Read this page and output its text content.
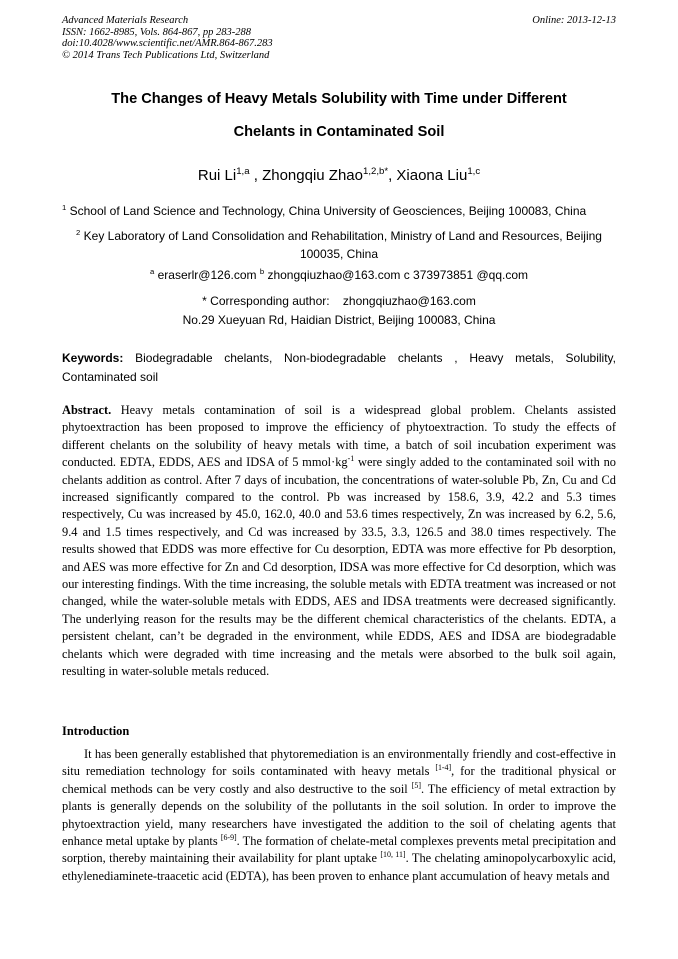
Advanced Materials Research
ISSN: 1662-8985, Vols. 864-867, pp 283-288
doi:10.4028/www.scientific.net/AMR.864-867.283
© 2014 Trans Tech Publications Ltd, Switzerland
Online: 2013-12-13
The Changes of Heavy Metals Solubility with Time under Different
Chelants in Contaminated Soil
Rui Li$^{1,a}$ , Zhongqiu Zhao$^{1,2,b*}$, Xiaona Liu$^{1,c}$
$^1$ School of Land Science and Technology, China University of Geosciences, Beijing 100083, China
$^2$ Key Laboratory of Land Consolidation and Rehabilitation, Ministry of Land and Resources, Beijing 100035, China
$^a$ eraserlr@126.com $^b$ zhongqiuzhao@163.com c 373973851 @qq.com
* Corresponding author:    zhongqiuzhao@163.com
No.29 Xueyuan Rd, Haidian District, Beijing 100083, China
Keywords: Biodegradable chelants, Non-biodegradable chelants , Heavy metals, Solubility, Contaminated soil
Abstract. Heavy metals contamination of soil is a widespread global problem. Chelants assisted phytoextraction has been proposed to improve the efficiency of phytoextraction. To study the effects of different chelants on the solubility of heavy metals with time, a batch of soil incubation experiment was conducted. EDTA, EDDS, AES and IDSA of 5 $mmol\cdot kg^{-1}$ were singly added to the contaminated soil with no chelants addition as control. After 7 days of incubation, the concentrations of water-soluble Pb, Zn, Cu and Cd increased significantly compared to the control. Pb was increased by 158.6, 3.9, 42.2 and 5.3 times respectively, Cu was increased by 45.0, 162.0, 40.0 and 53.6 times respectively, Zn was increased by 6.2, 5.6, 9.4 and 1.5 times respectively, and Cd was increased by 33.5, 3.3, 126.5 and 38.0 times respectively. The results showed that EDDS was more effective for Cu desorption, EDTA was more effective for Pb desorption, and AES was more effective for Zn and Cd desorption, IDSA was more effective for Cd desorption, which was our interesting findings. With the time increasing, the soluble metals with EDTA treatment was increased or not changed, while the water-soluble metals with EDDS, AES and IDSA treatments were decreased significantly. The underlying reason for the results may be the different chemical characteristics of the chelants. EDTA, a persistent chelant, can’t be degraded in the environment, while EDDS, AES and IDSA are biodegradable chelants which were degraded with time increasing and the metals were absorbed to the bulk soil again, resulting in water-soluble metals reduced.
Introduction
It has been generally established that phytoremediation is an environmentally friendly and cost-effective in situ remediation technology for soils contaminated with heavy metals [1-4], for the traditional physical or chemical methods can be very costly and also destructive to the soil [5]. The efficiency of metal extraction by plants is generally depends on the solubility of the pollutants in the soil solution. In order to improve the phytoextraction yield, many researchers have investigated the addition to the soil of chelating agents that enhance metal uptake by plants [6-9]. The formation of chelate-metal complexes prevents metal precipitation and sorption, thereby maintaining their availability for plant uptake [10, 11]. The chelating aminopolycarboxylic acid, ethylenediaminete-traacetic acid (EDTA), has been proven to enhance plant accumulation of heavy metals and
